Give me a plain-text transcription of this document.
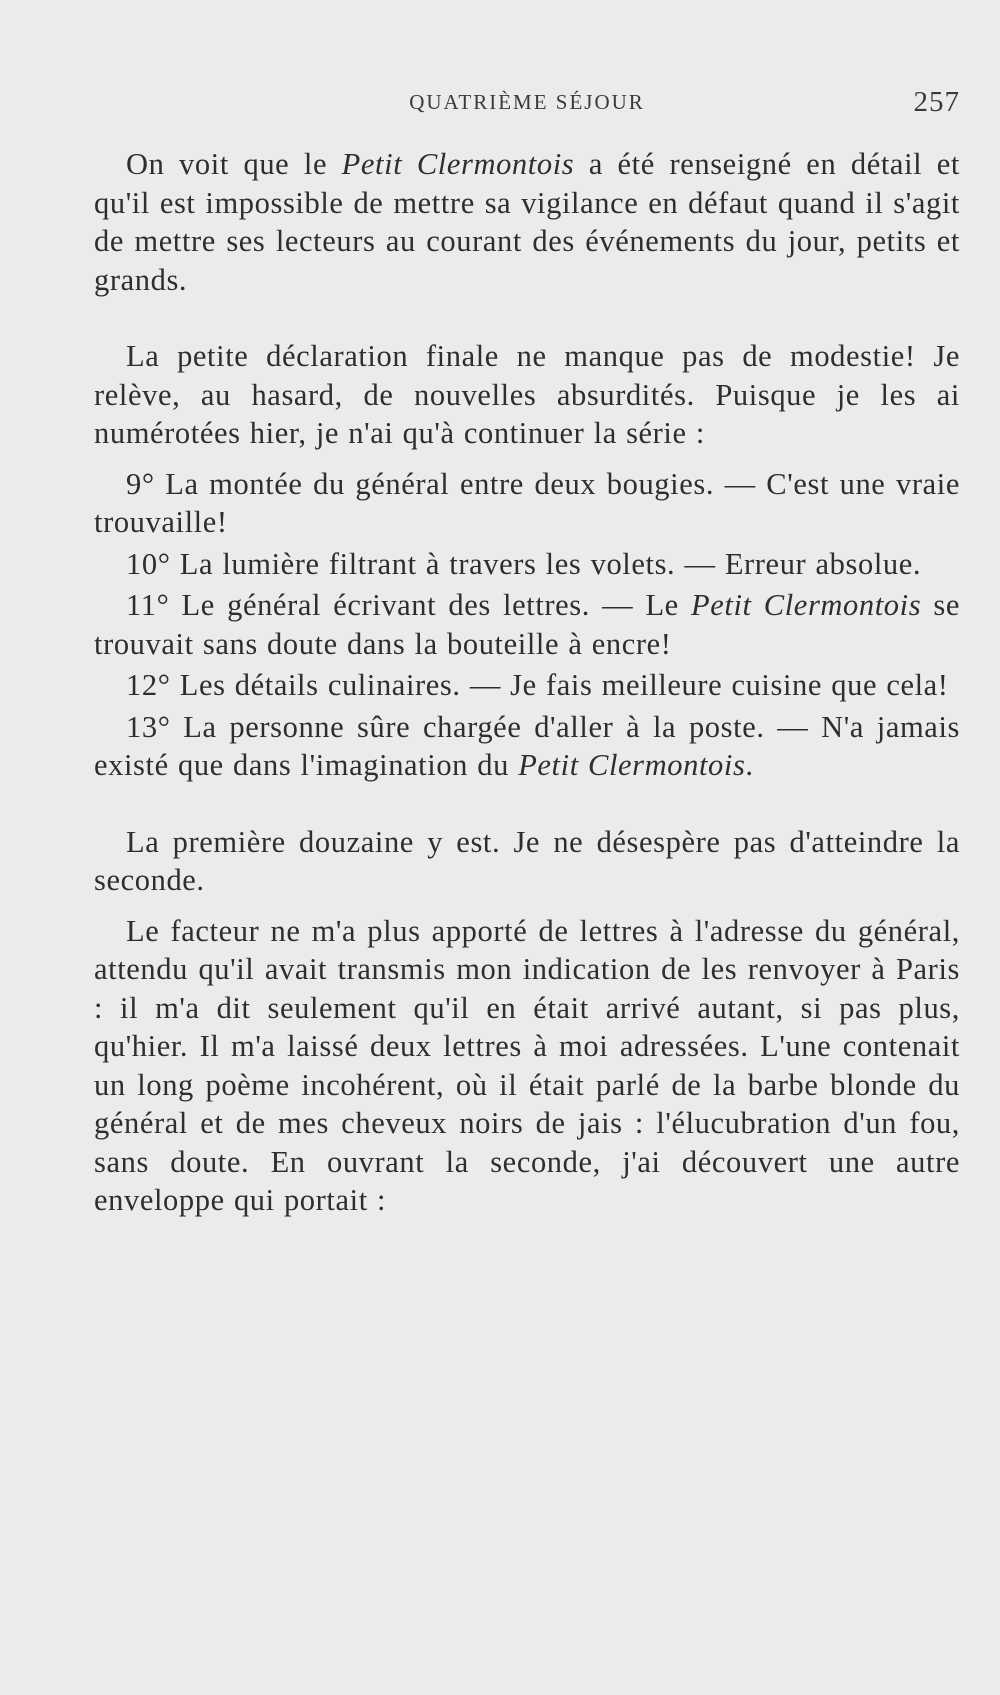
QUATRIÈME SÉJOUR	257

On voit que le Petit Clermontois a été renseigné en détail et qu'il est impossible de mettre sa vigilance en défaut quand il s'agit de mettre ses lecteurs au courant des événements du jour, petits et grands.

La petite déclaration finale ne manque pas de modestie! Je relève, au hasard, de nouvelles absurdités. Puisque je les ai numérotées hier, je n'ai qu'à continuer la série :

9° La montée du général entre deux bougies. — C'est une vraie trouvaille!

10° La lumière filtrant à travers les volets. — Erreur absolue.

11° Le général écrivant des lettres. — Le Petit Clermontois se trouvait sans doute dans la bouteille à encre!

12° Les détails culinaires. — Je fais meilleure cuisine que cela!

13° La personne sûre chargée d'aller à la poste. — N'a jamais existé que dans l'imagination du Petit Clermontois.

La première douzaine y est. Je ne désespère pas d'atteindre la seconde.

Le facteur ne m'a plus apporté de lettres à l'adresse du général, attendu qu'il avait transmis mon indication de les renvoyer à Paris : il m'a dit seulement qu'il en était arrivé autant, si pas plus, qu'hier. Il m'a laissé deux lettres à moi adressées. L'une contenait un long poème incohérent, où il était parlé de la barbe blonde du général et de mes cheveux noirs de jais : l'élucubration d'un fou, sans doute. En ouvrant la seconde, j'ai découvert une autre enveloppe qui portait :
